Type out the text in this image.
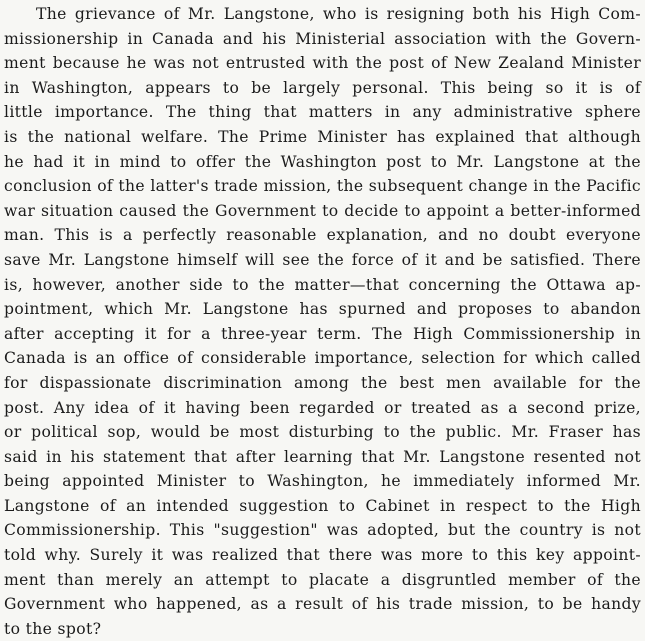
The grievance of Mr. Langstone, who is resigning both his High Com-
missionership in Canada and his Ministerial association with the Govern-
ment because he was not entrusted with the post of New Zealand Minister
in Washington, appears to be largely personal. This being so it is of
little importance. The thing that matters in any administrative sphere
is the national welfare. The Prime Minister has explained that although
he had it in mind to offer the Washington post to Mr. Langstone at the
conclusion of the latter's trade mission, the subsequent change in the Pacific
war situation caused the Government to decide to appoint a better-informed
man. This is a perfectly reasonable explanation, and no doubt everyone
save Mr. Langstone himself will see the force of it and be satisfied. There
is, however, another side to the matter—that concerning the Ottawa ap-
pointment, which Mr. Langstone has spurned and proposes to abandon
after accepting it for a three-year term. The High Commissionership in
Canada is an office of considerable importance, selection for which called
for dispassionate discrimination among the best men available for the
post. Any idea of it having been regarded or treated as a second prize,
or political sop, would be most disturbing to the public. Mr. Fraser has
said in his statement that after learning that Mr. Langstone resented not
being appointed Minister to Washington, he immediately informed Mr.
Langstone of an intended suggestion to Cabinet in respect to the High
Commissionership. This "suggestion" was adopted, but the country is not
told why. Surely it was realized that there was more to this key appoint-
ment than merely an attempt to placate a disgruntled member of the
Government who happened, as a result of his trade mission, to be handy
to the spot?
